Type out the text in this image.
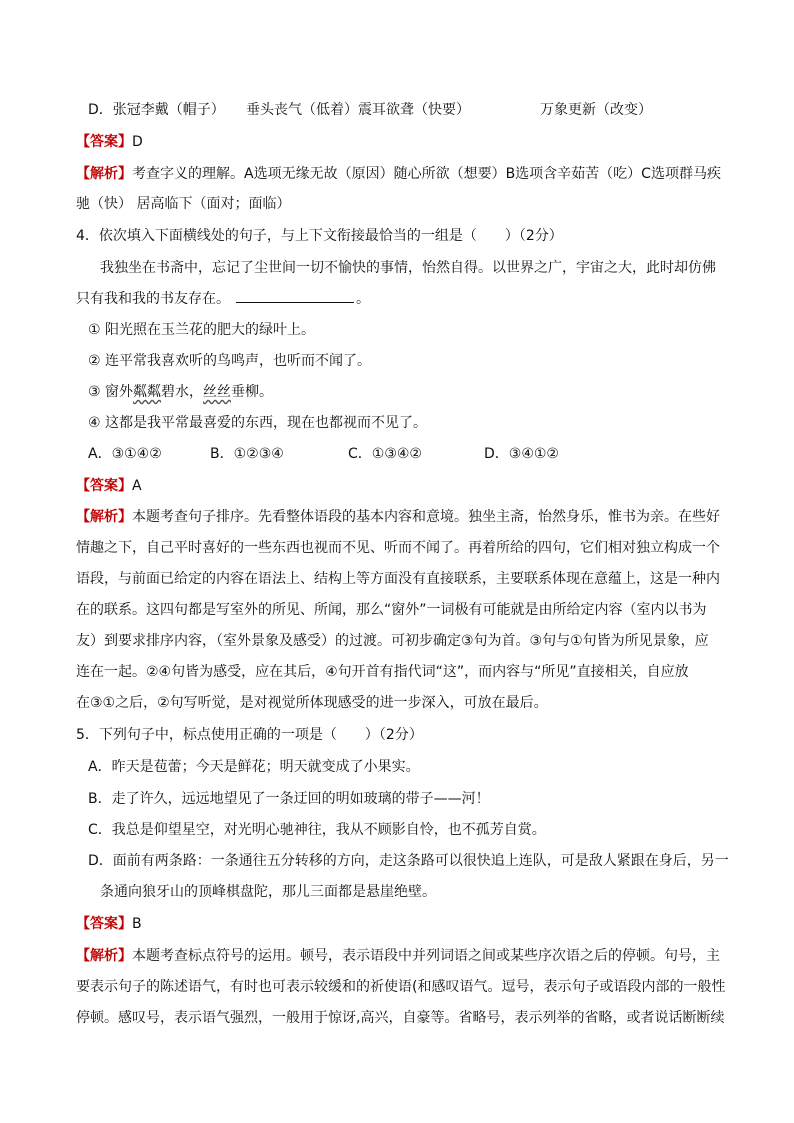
D．张冠李戴（帽子） 垂头丧气（低着） 震耳欲聋（快要）	万象更新（改变）
【答案】D
【解析】考查字义的理解。A选项无缘无故（原因）随心所欲（想要）B选项含辛茹苦（吃）C选项群马疾
驰（快） 居高临下（面对；面临）
4．依次填入下面横线处的句子，与上下文衔接最恰当的一组是（　　）（2分）
我独坐在书斋中，忘记了尘世间一切不愉快的事情，怡然自得。以世界之广，宇宙之大，此时却仿佛
只有我和我的书友存在。	。
① 阳光照在玉兰花的肥大的绿叶上。
② 连平常我喜欢听的鸟鸣声，也听而不闻了。
③ 窗外粼粼碧水，丝丝垂柳。
④ 这都是我平常最喜爱的东西，现在也都视而不见了。
A．③①④②	B．①②③④	C．①③④②	D．③④①②
【答案】A
【解析】本题考查句子排序。先看整体语段的基本内容和意境。独坐主斋，怡然身乐，惟书为亲。在些好
情趣之下，自己平时喜好的一些东西也视而不见、听而不闻了。再着所给的四句，它们相对独立构成一个
语段，与前面已给定的内容在语法上、结构上等方面没有直接联系，主要联系体现在意蕴上，这是一种内
在的联系。这四句都是写室外的所见、所闻，那么“窗外”一词极有可能就是由所给定内容（室内以书为
友）到要求排序内容，（室外景象及感受）的过渡。可初步确定③句为首。③句与①句皆为所见景象，应
连在一起。②④句皆为感受，应在其后，④句开首有指代词“这”，而内容与“所见”直接相关，自应放
在③①之后，②句写听觉，是对视觉所体现感受的进一步深入，可放在最后。
5．下列句子中，标点使用正确的一项是（　　）（2分）
A．昨天是苞蕾；今天是鲜花；明天就变成了小果实。
B．走了许久，远远地望见了一条迂回的明如玻璃的带子——河！
C．我总是仰望星空，对光明心驰神往，我从不顾影自怜，也不孤芳自赏。
D．面前有两条路：一条通往五分转移的方向，走这条路可以很快追上连队，可是敌人紧跟在身后，另一
条通向狼牙山的顶峰棋盘陀，那儿三面都是悬崖绝壁。
【答案】B
【解析】本题考查标点符号的运用。顿号，表示语段中并列词语之间或某些序次语之后的停顿。句号，主
要表示句子的陈述语气，有时也可表示较缓和的祈使语(和感叹语气。逗号，表示句子或语段内部的一般性
停顿。感叹号，表示语气强烈，一般用于惊讶,高兴，自豪等。省略号，表示列举的省略，或者说话断断续
